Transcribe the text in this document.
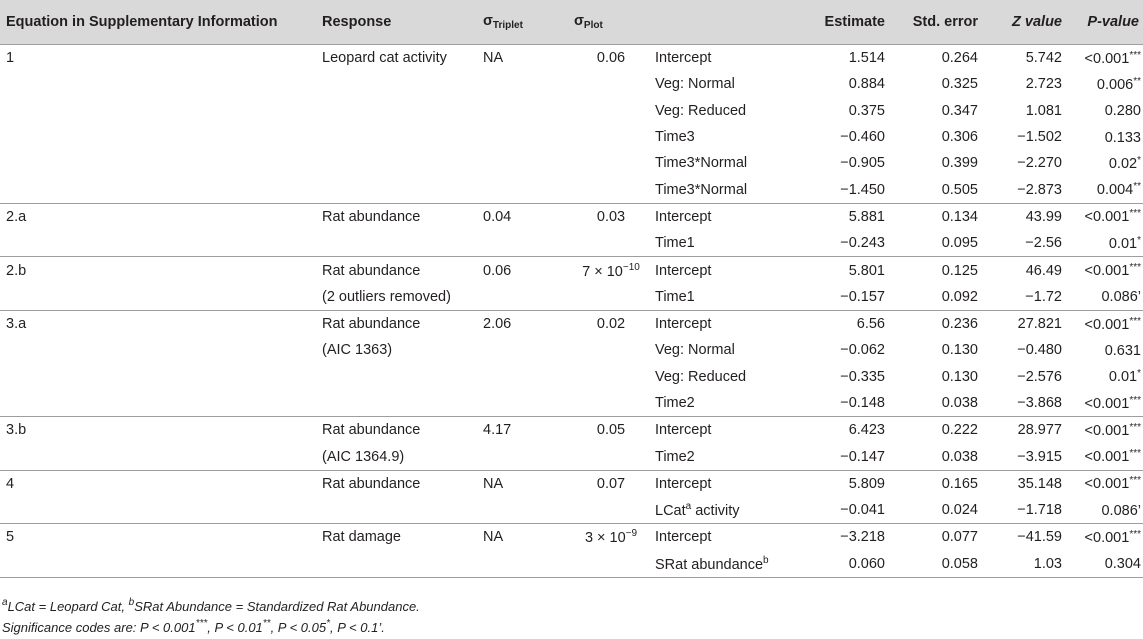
Equation in Supplementary Information	Response	$\sigma_{Triplet}$	$\sigma_{Plot}$		Estimate	Std. error	Z value	P-value
1	Leopard cat activity	NA	0.06	Intercept	1.514	0.264	5.742	<0.001***
				Veg: Normal	0.884	0.325	2.723	0.006**
				Veg: Reduced	0.375	0.347	1.081	0.280
				Time3	−0.460	0.306	−1.502	0.133
				Time3*Normal	−0.905	0.399	−2.270	0.02*
				Time3*Normal	−1.450	0.505	−2.873	0.004**
2.a	Rat abundance	0.04	0.03	Intercept	5.881	0.134	43.99	<0.001***
				Time1	−0.243	0.095	−2.56	0.01*
2.b	Rat abundance	0.06	$7 \times 10^{-10}$	Intercept	5.801	0.125	46.49	<0.001***
	(2 outliers removed)			Time1	−0.157	0.092	−1.72	0.086’
3.a	Rat abundance	2.06	0.02	Intercept	6.56	0.236	27.821	<0.001***
	(AIC 1363)			Veg: Normal	−0.062	0.130	−0.480	0.631
				Veg: Reduced	−0.335	0.130	−2.576	0.01*
				Time2	−0.148	0.038	−3.868	<0.001***
3.b	Rat abundance	4.17	0.05	Intercept	6.423	0.222	28.977	<0.001***
	(AIC 1364.9)			Time2	−0.147	0.038	−3.915	<0.001***
4	Rat abundance	NA	0.07	Intercept	5.809	0.165	35.148	<0.001***
				LCat$^a$ activity	−0.041	0.024	−1.718	0.086’
5	Rat damage	NA	$3 \times 10^{-9}$	Intercept	−3.218	0.077	−41.59	<0.001***
				SRat abundance$^b$	0.060	0.058	1.03	0.304
$^a$LCat = Leopard Cat, $^b$SRat Abundance = Standardized Rat Abundance.
Significance codes are: P < 0.001***, P < 0.01**, P < 0.05*, P < 0.1’.
